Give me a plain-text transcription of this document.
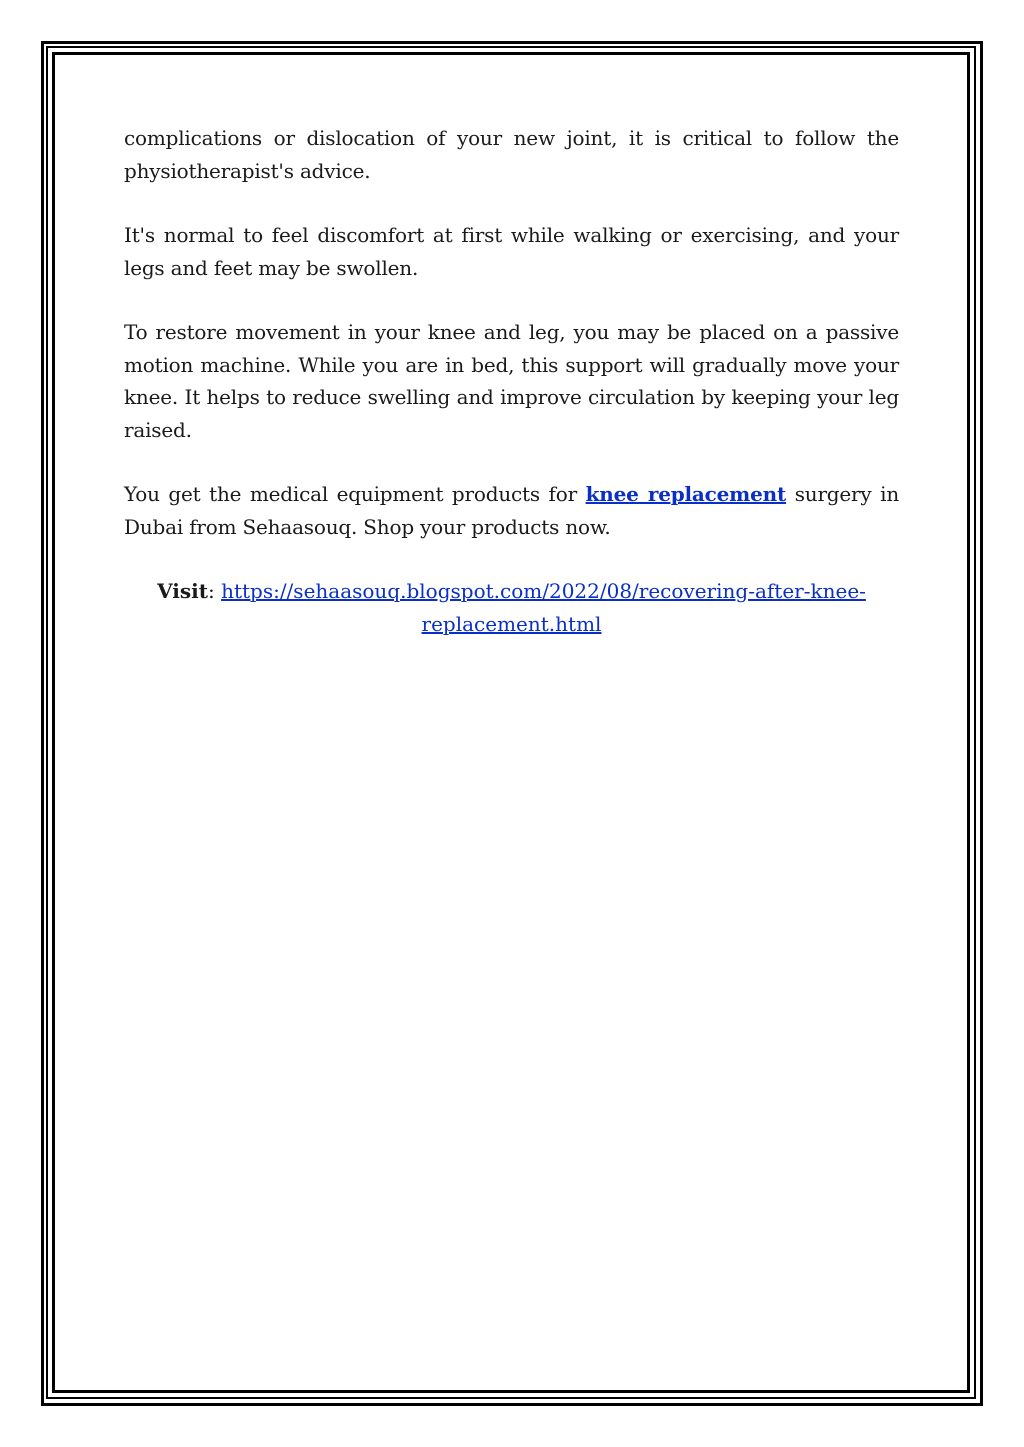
complications or dislocation of your new joint, it is critical to follow the physiotherapist's advice.

It's normal to feel discomfort at first while walking or exercising, and your legs and feet may be swollen.

To restore movement in your knee and leg, you may be placed on a passive motion machine. While you are in bed, this support will gradually move your knee. It helps to reduce swelling and improve circulation by keeping your leg raised.

You get the medical equipment products for knee replacement surgery in Dubai from Sehaasouq. Shop your products now.

Visit: https://sehaasouq.blogspot.com/2022/08/recovering-after-knee-replacement.html
